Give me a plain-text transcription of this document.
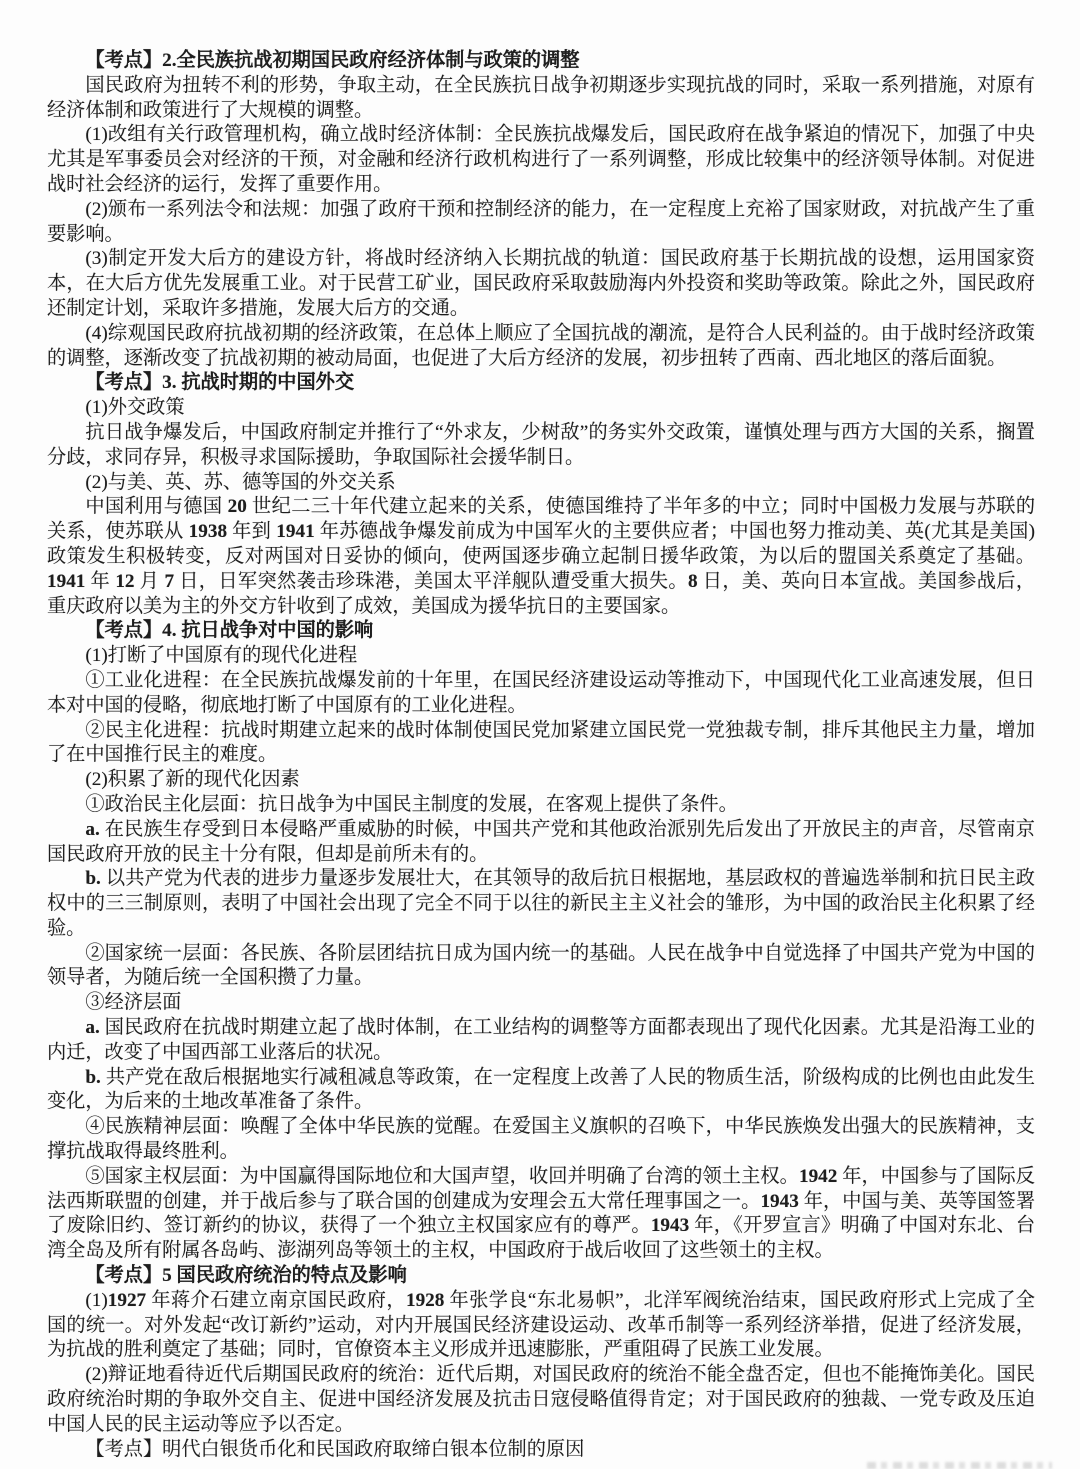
【考点】2.全民族抗战初期国民政府经济体制与政策的调整

国民政府为扭转不利的形势，争取主动，在全民族抗日战争初期逐步实现抗战的同时，采取一系列措施，对原有经济体制和政策进行了大规模的调整。

(1)改组有关行政管理机构，确立战时经济体制：全民族抗战爆发后，国民政府在战争紧迫的情况下，加强了中央尤其是军事委员会对经济的干预，对金融和经济行政机构进行了一系列调整，形成比较集中的经济领导体制。对促进战时社会经济的运行，发挥了重要作用。

(2)颁布一系列法令和法规：加强了政府干预和控制经济的能力，在一定程度上充裕了国家财政，对抗战产生了重要影响。

(3)制定开发大后方的建设方针，将战时经济纳入长期抗战的轨道：国民政府基于长期抗战的设想，运用国家资本，在大后方优先发展重工业。对于民营工矿业，国民政府采取鼓励海内外投资和奖助等政策。除此之外，国民政府还制定计划，采取许多措施，发展大后方的交通。

(4)综观国民政府抗战初期的经济政策，在总体上顺应了全国抗战的潮流，是符合人民利益的。由于战时经济政策的调整，逐渐改变了抗战初期的被动局面，也促进了大后方经济的发展，初步扭转了西南、西北地区的落后面貌。

【考点】3. 抗战时期的中国外交

(1)外交政策

抗日战争爆发后，中国政府制定并推行了“外求友，少树敌”的务实外交政策，谨慎处理与西方大国的关系，搁置分歧，求同存异，积极寻求国际援助，争取国际社会援华制日。

(2)与美、英、苏、德等国的外交关系

中国利用与德国 20 世纪二三十年代建立起来的关系，使德国维持了半年多的中立；同时中国极力发展与苏联的关系，使苏联从 1938 年到 1941 年苏德战争爆发前成为中国军火的主要供应者；中国也努力推动美、英(尤其是美国)政策发生积极转变，反对两国对日妥协的倾向，使两国逐步确立起制日援华政策，为以后的盟国关系奠定了基础。1941 年 12 月 7 日，日军突然袭击珍珠港，美国太平洋舰队遭受重大损失。8 日，美、英向日本宣战。美国参战后，重庆政府以美为主的外交方针收到了成效，美国成为援华抗日的主要国家。

【考点】4. 抗日战争对中国的影响

(1)打断了中国原有的现代化进程

①工业化进程：在全民族抗战爆发前的十年里，在国民经济建设运动等推动下，中国现代化工业高速发展，但日本对中国的侵略，彻底地打断了中国原有的工业化进程。

②民主化进程：抗战时期建立起来的战时体制使国民党加紧建立国民党一党独裁专制，排斥其他民主力量，增加了在中国推行民主的难度。

(2)积累了新的现代化因素

①政治民主化层面：抗日战争为中国民主制度的发展，在客观上提供了条件。

a. 在民族生存受到日本侵略严重威胁的时候，中国共产党和其他政治派别先后发出了开放民主的声音，尽管南京国民政府开放的民主十分有限，但却是前所未有的。

b. 以共产党为代表的进步力量逐步发展壮大，在其领导的敌后抗日根据地，基层政权的普遍选举制和抗日民主政权中的三三制原则，表明了中国社会出现了完全不同于以往的新民主主义社会的雏形，为中国的政治民主化积累了经验。

②国家统一层面：各民族、各阶层团结抗日成为国内统一的基础。人民在战争中自觉选择了中国共产党为中国的领导者，为随后统一全国积攒了力量。

③经济层面

a. 国民政府在抗战时期建立起了战时体制，在工业结构的调整等方面都表现出了现代化因素。尤其是沿海工业的内迁，改变了中国西部工业落后的状况。

b. 共产党在敌后根据地实行减租减息等政策，在一定程度上改善了人民的物质生活，阶级构成的比例也由此发生变化，为后来的土地改革准备了条件。

④民族精神层面：唤醒了全体中华民族的觉醒。在爱国主义旗帜的召唤下，中华民族焕发出强大的民族精神，支撑抗战取得最终胜利。

⑤国家主权层面：为中国赢得国际地位和大国声望，收回并明确了台湾的领土主权。1942 年，中国参与了国际反法西斯联盟的创建，并于战后参与了联合国的创建成为安理会五大常任理事国之一。1943 年，中国与美、英等国签署了废除旧约、签订新约的协议，获得了一个独立主权国家应有的尊严。1943 年，《开罗宣言》明确了中国对东北、台湾全岛及所有附属各岛屿、澎湖列岛等领土的主权，中国政府于战后收回了这些领土的主权。

【考点】5 国民政府统治的特点及影响

(1)1927 年蒋介石建立南京国民政府，1928 年张学良“东北易帜”，北洋军阀统治结束，国民政府形式上完成了全国的统一。对外发起“改订新约”运动，对内开展国民经济建设运动、改革币制等一系列经济举措，促进了经济发展，为抗战的胜利奠定了基础；同时，官僚资本主义形成并迅速膨胀，严重阻碍了民族工业发展。

(2)辩证地看待近代后期国民政府的统治：近代后期，对国民政府的统治不能全盘否定，但也不能掩饰美化。国民政府统治时期的争取外交自主、促进中国经济发展及抗击日寇侵略值得肯定；对于国民政府的独裁、一党专政及压迫中国人民的民主运动等应予以否定。

【考点】明代白银货币化和民国政府取缔白银本位制的原因
